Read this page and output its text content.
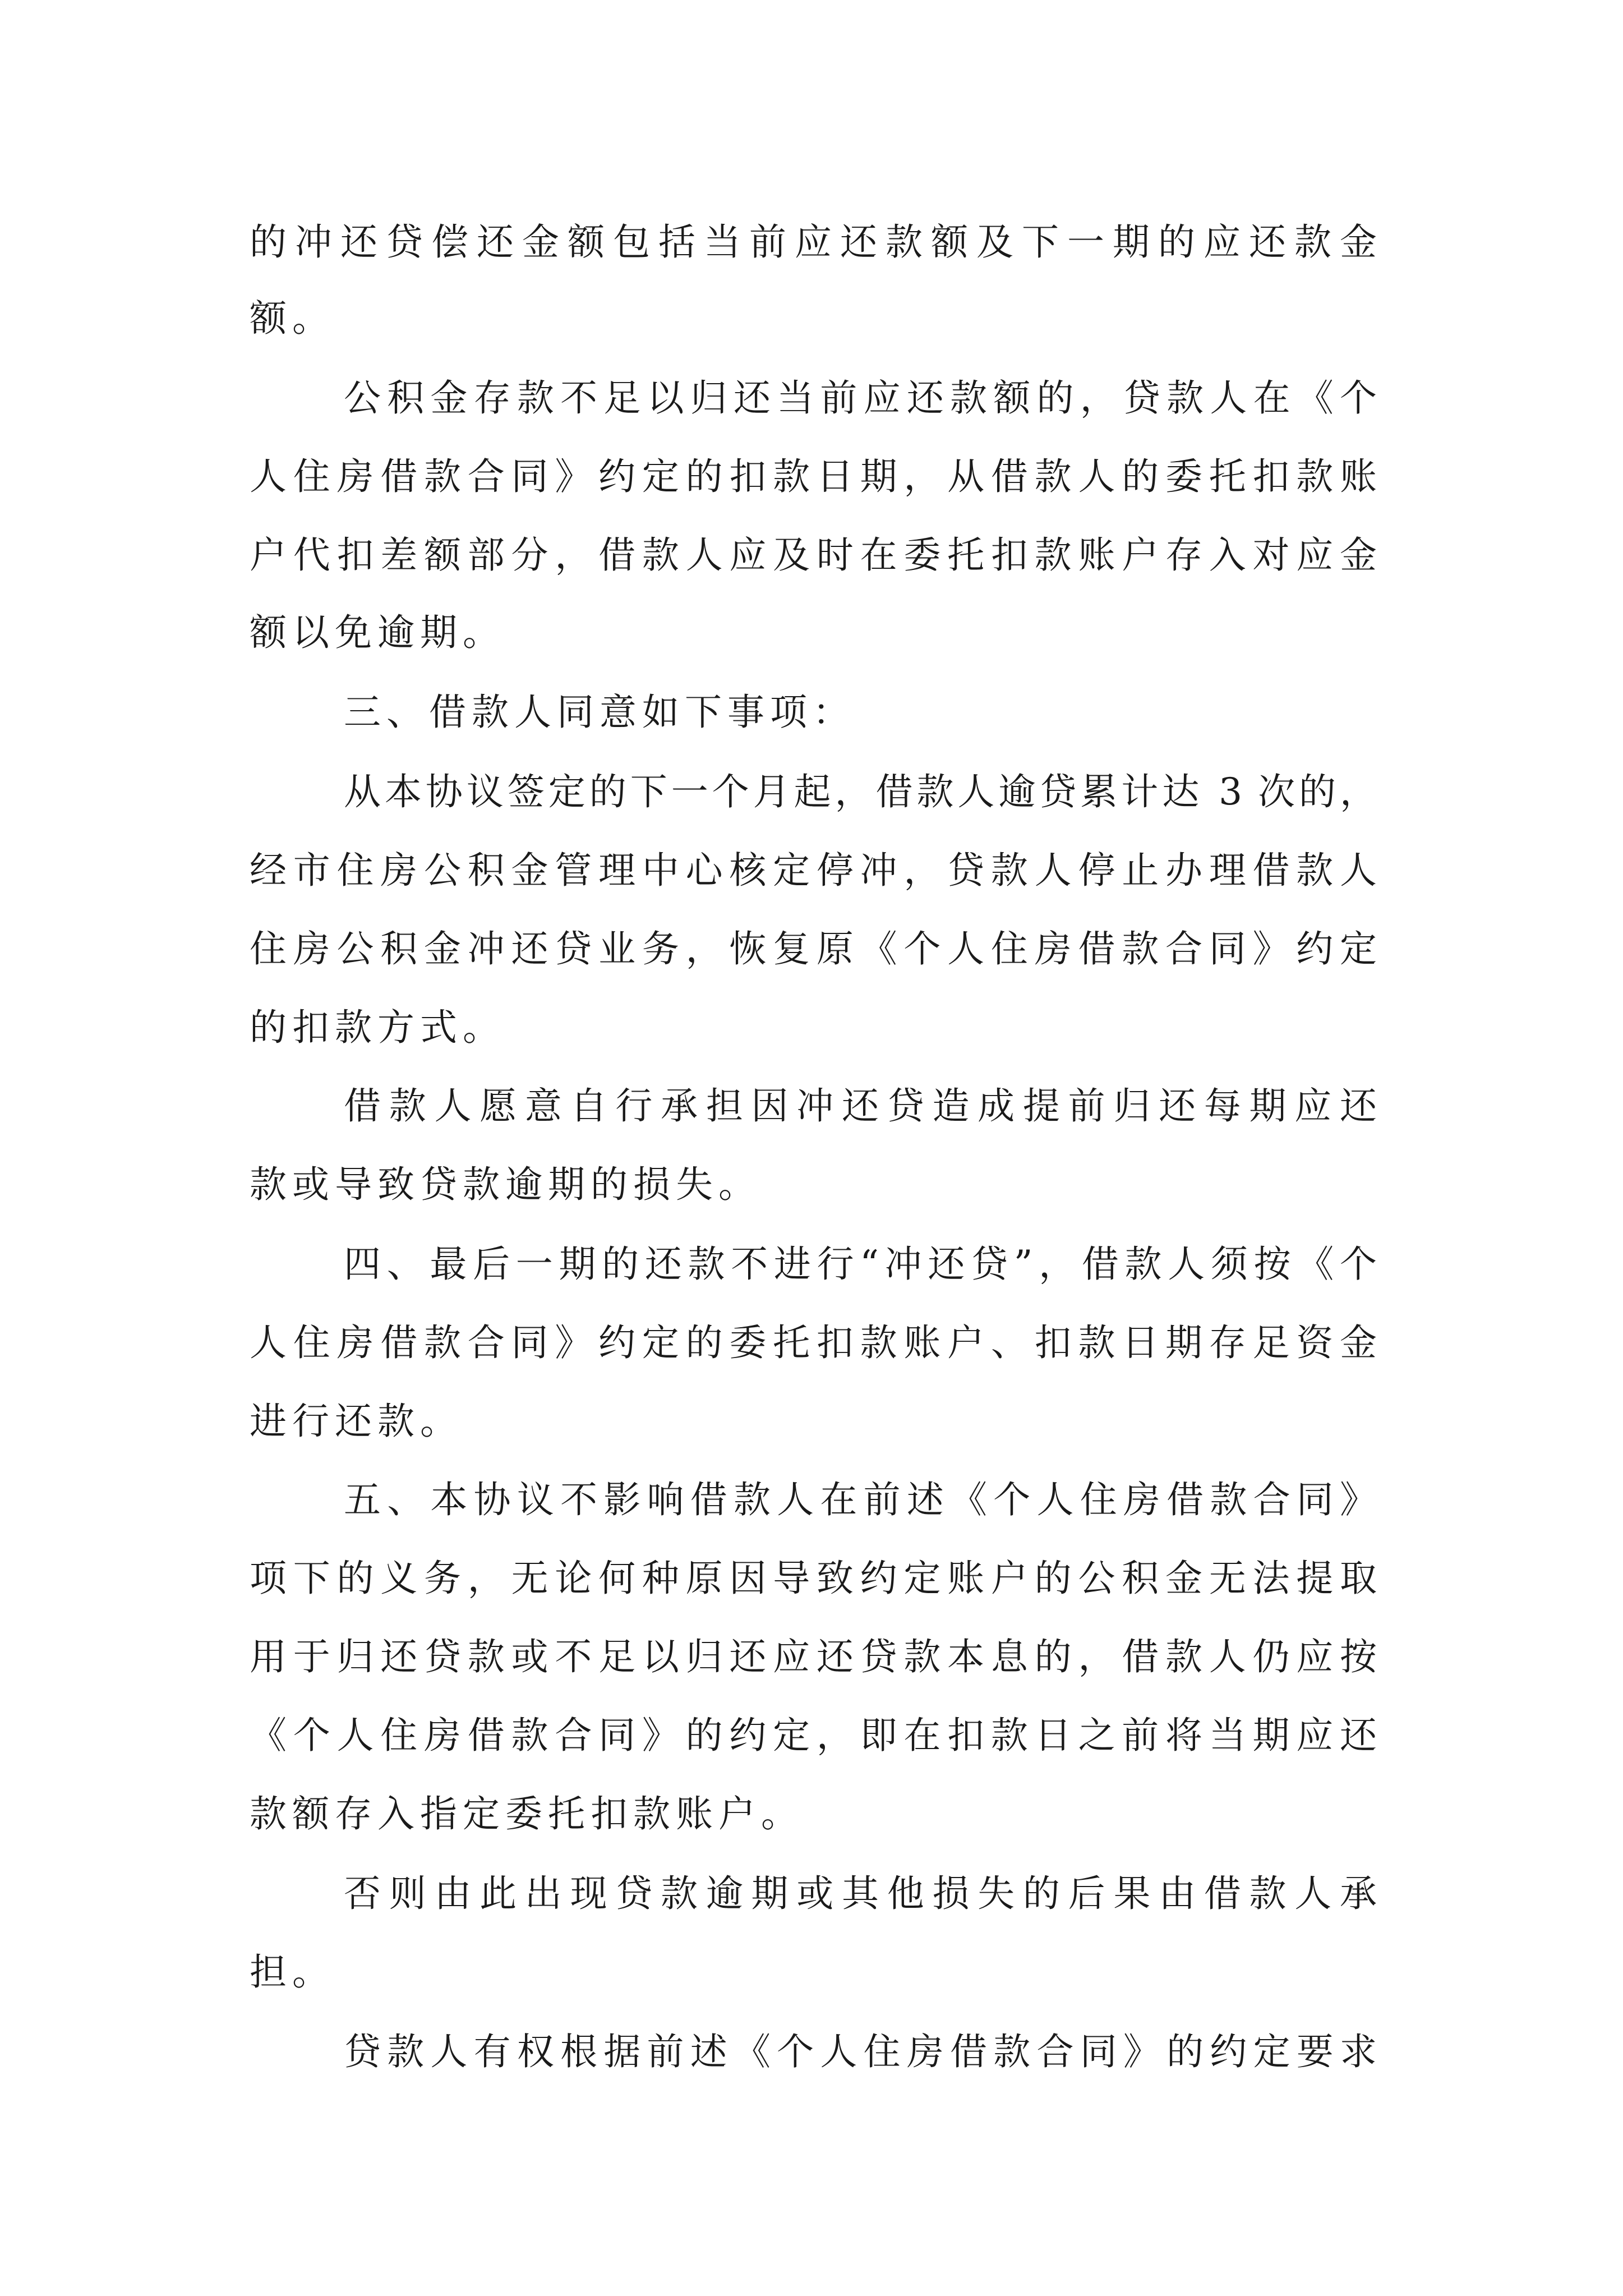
的冲还贷偿还金额包括当前应还款额及下一期的应还款金
额。
公积金存款不足以归还当前应还款额的，贷款人在《个
人住房借款合同》约定的扣款日期，从借款人的委托扣款账
户代扣差额部分，借款人应及时在委托扣款账户存入对应金
额以免逾期。
三、借款人同意如下事项：
从本协议签定的下一个月起，借款人逾贷累计达 3 次的，
经市住房公积金管理中心核定停冲，贷款人停止办理借款人
住房公积金冲还贷业务，恢复原《个人住房借款合同》约定
的扣款方式。
借款人愿意自行承担因冲还贷造成提前归还每期应还
款或导致贷款逾期的损失。
四、最后一期的还款不进行“冲还贷”，借款人须按《个
人住房借款合同》约定的委托扣款账户、扣款日期存足资金
进行还款。
五、本协议不影响借款人在前述《个人住房借款合同》
项下的义务，无论何种原因导致约定账户的公积金无法提取
用于归还贷款或不足以归还应还贷款本息的，借款人仍应按
《个人住房借款合同》的约定，即在扣款日之前将当期应还
款额存入指定委托扣款账户。
否则由此出现贷款逾期或其他损失的后果由借款人承
担。
贷款人有权根据前述《个人住房借款合同》的约定要求
